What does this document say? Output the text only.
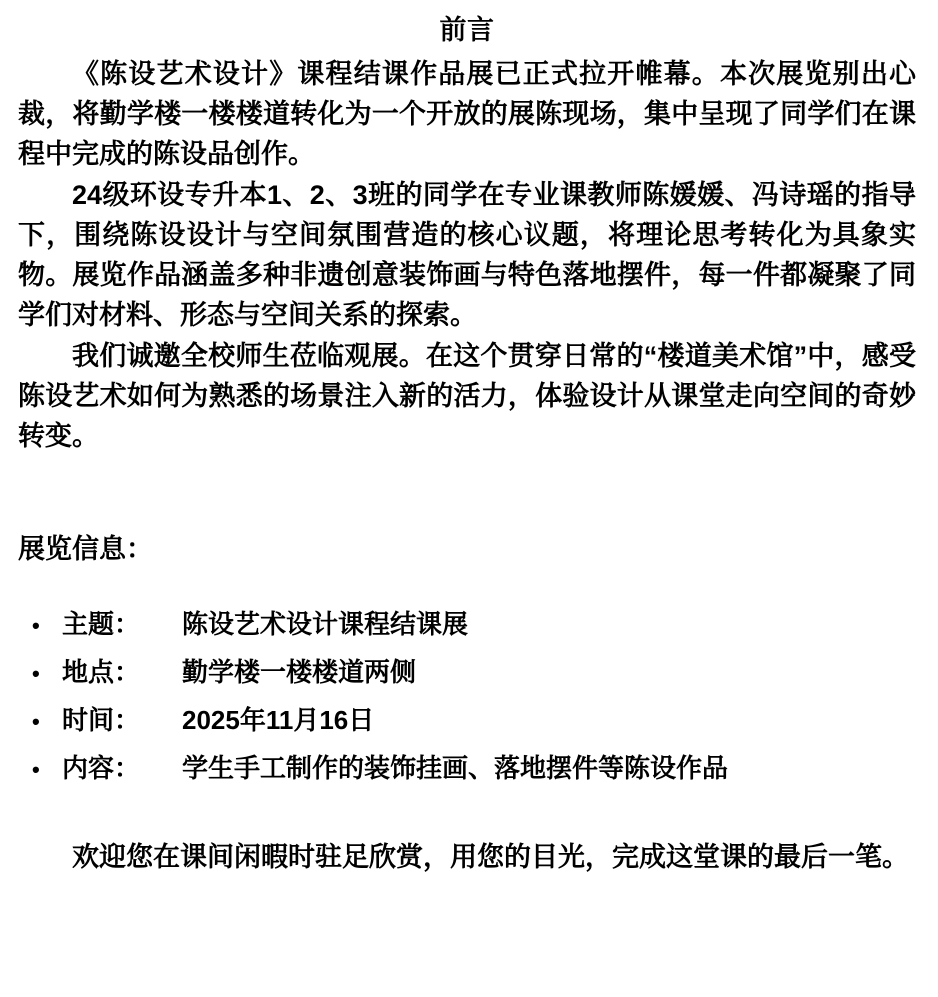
前言

《陈设艺术设计》课程结课作品展已正式拉开帷幕。本次展览别出心裁，将勤学楼一楼楼道转化为一个开放的展陈现场，集中呈现了同学们在课程中完成的陈设品创作。

24级环设专升本1、2、3班的同学在专业课教师陈媛媛、冯诗瑶的指导下，围绕陈设设计与空间氛围营造的核心议题，将理论思考转化为具象实物。展览作品涵盖多种非遗创意装饰画与特色落地摆件，每一件都凝聚了同学们对材料、形态与空间关系的探索。

我们诚邀全校师生莅临观展。在这个贯穿日常的“楼道美术馆”中，感受陈设艺术如何为熟悉的场景注入新的活力，体验设计从课堂走向空间的奇妙转变。

展览信息：
• 主题：	陈设艺术设计课程结课展
• 地点：	勤学楼一楼楼道两侧
• 时间：	2025年11月16日
• 内容：	学生手工制作的装饰挂画、落地摆件等陈设作品

欢迎您在课间闲暇时驻足欣赏，用您的目光，完成这堂课的最后一笔。
